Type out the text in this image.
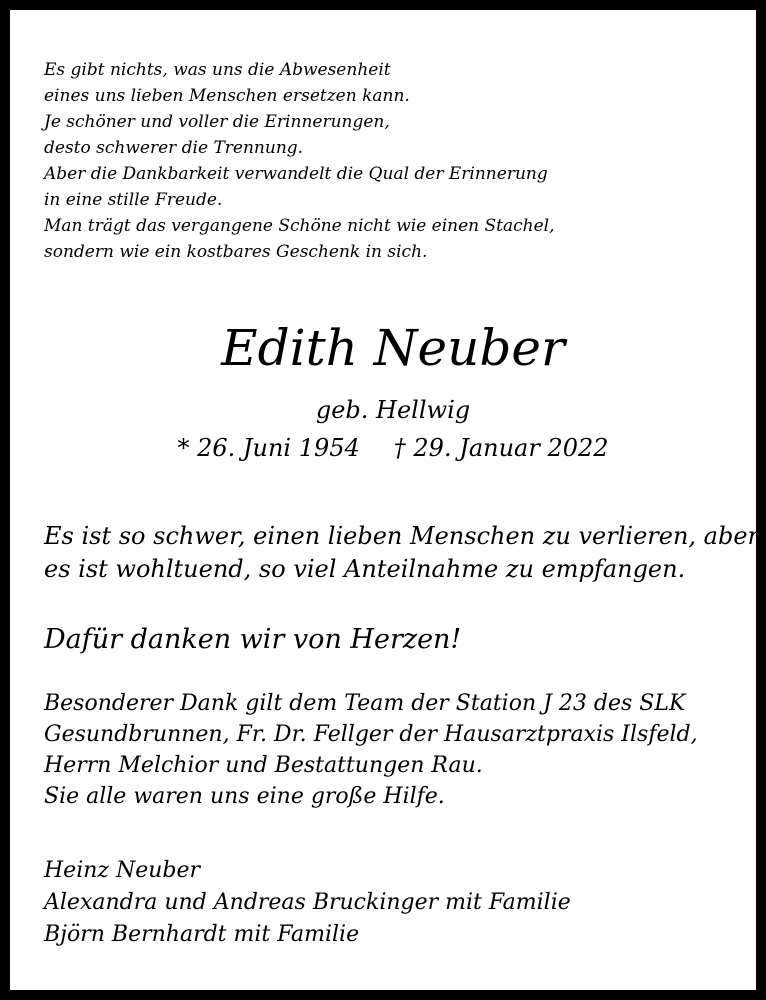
Es gibt nichts, was uns die Abwesenheit
eines uns lieben Menschen ersetzen kann.
Je schöner und voller die Erinnerungen,
desto schwerer die Trennung.
Aber die Dankbarkeit verwandelt die Qual der Erinnerung
in eine stille Freude.
Man trägt das vergangene Schöne nicht wie einen Stachel,
sondern wie ein kostbares Geschenk in sich.
Edith Neuber
geb. Hellwig
* 26. Juni 1954 † 29. Januar 2022
Es ist so schwer, einen lieben Menschen zu verlieren, aber
es ist wohltuend, so viel Anteilnahme zu empfangen.
Dafür danken wir von Herzen!
Besonderer Dank gilt dem Team der Station J 23 des SLK
Gesundbrunnen, Fr. Dr. Fellger der Hausarztpraxis Ilsfeld,
Herrn Melchior und Bestattungen Rau.
Sie alle waren uns eine große Hilfe.
Heinz Neuber
Alexandra und Andreas Bruckinger mit Familie
Björn Bernhardt mit Familie
